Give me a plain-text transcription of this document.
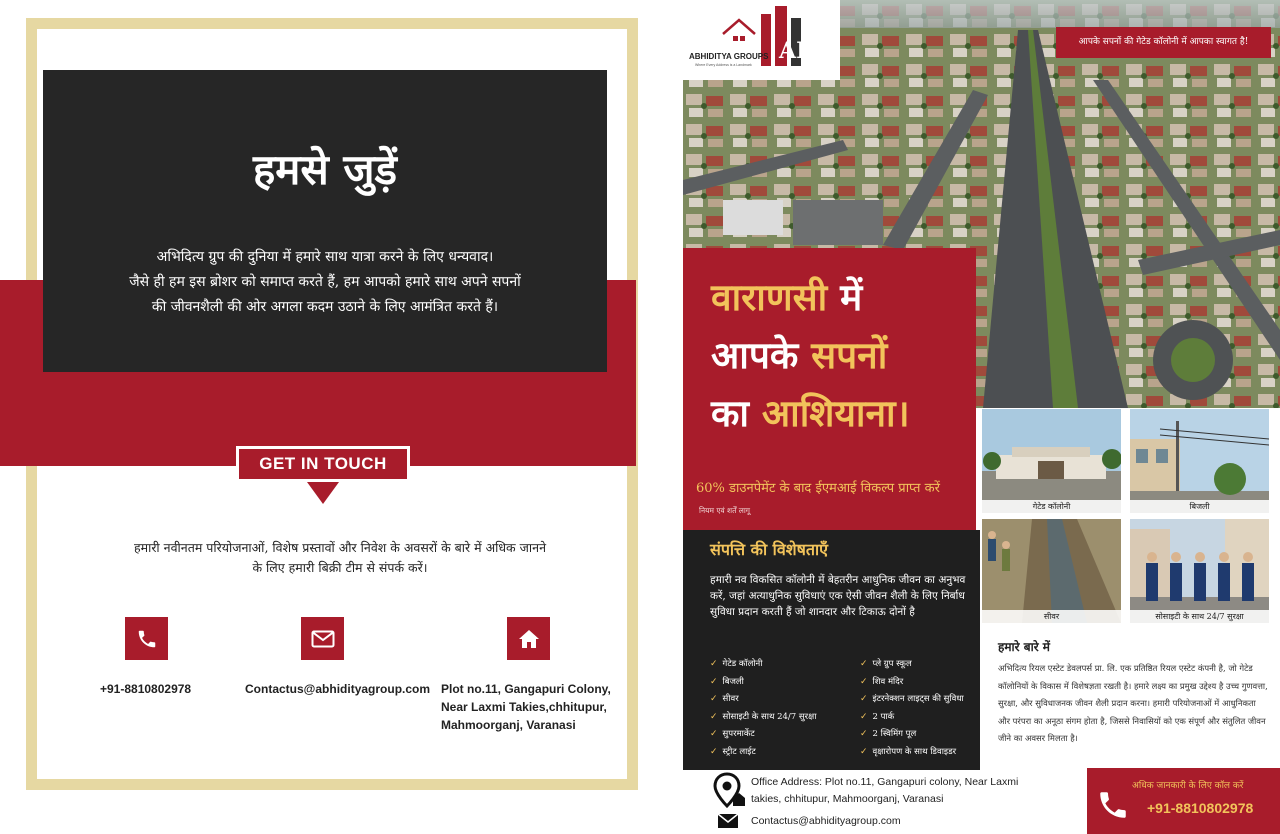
हमसे जुड़ें

अभिदित्य ग्रुप की दुनिया में हमारे साथ यात्रा करने के लिए धन्यवाद।
जैसे ही हम इस ब्रोशर को समाप्त करते हैं, हम आपको हमारे साथ अपने सपनों
की जीवनशैली की ओर अगला कदम उठाने के लिए आमंत्रित करते हैं।

GET IN TOUCH
हमारी नवीनतम परियोजनाओं, विशेष प्रस्तावों और निवेश के अवसरों के बारे में अधिक जानने
के लिए हमारी बिक्री टीम से संपर्क करें।
+91-8810802978	Contactus@abhidityagroup.com Plot no.11, Gangapuri Colony,
Near Laxmi Takies,chhitupur,
Mahmoorganj, Varanasi
AB
ABHIDITYA GROUPS
Where Every Address is a Landmark
आपके सपनों की गेटेड कॉलोनी में आपका स्वागत है!
वाराणसी में
आपके सपनों
का आशियाना।
60% डाउनपेमेंट के बाद ईएमआई विकल्प प्राप्त करें
नियम एवं शर्तें लागू	गेटेड कॉलोनी	बिजली
सीवर	सोसाइटी के साथ 24/7 सुरक्षा
संपत्ति की विशेषताएँ
हमारी नव विकसित कॉलोनी में बेहतरीन आधुनिक जीवन का अनुभव करें, जहां अत्याधुनिक सुविधाएं एक ऐसी जीवन शैली के लिए निर्बाध सुविधा प्रदान करती हैं जो शानदार और टिकाऊ दोनों है
✓ गेटेड कॉलोनी
✓ बिजली
✓ सीवर
✓ सोसाइटी के साथ 24/7 सुरक्षा
✓ सुपरमार्केट
✓ स्ट्रीट लाईट
✓ प्ले ग्रुप स्कूल
✓ शिव मंदिर
✓ इंटरनेक्शन लाइट्स की सुविधा
✓ 2 पार्क
✓ 2 स्विमिंग पूल
✓ वृक्षारोपण के साथ डिवाइडर
हमारे बारे में
अभिदित्य रियल एस्टेट डेवलपर्स प्रा. लि. एक प्रतिष्ठित रियल एस्टेट कंपनी है, जो गेटेड कॉलोनियों के विकास में विशेषज्ञता रखती है। हमारे लक्ष्य का प्रमुख उद्देश्य है उच्च गुणवत्ता, सुरक्षा, और सुविधाजनक जीवन शैली प्रदान करना। हमारी परियोजनाओं में आधुनिकता और परंपरा का अनूठा संगम होता है, जिससे निवासियों को एक संपूर्ण और संतुलित जीवन जीने का अवसर मिलता है।
Office Address: Plot no.11, Gangapuri colony, Near Laxmi takies, chhitupur, Mahmoorganj, Varanasi
Contactus@abhidityagroup.com
अधिक जानकारी के लिए कॉल करें
+91-8810802978
